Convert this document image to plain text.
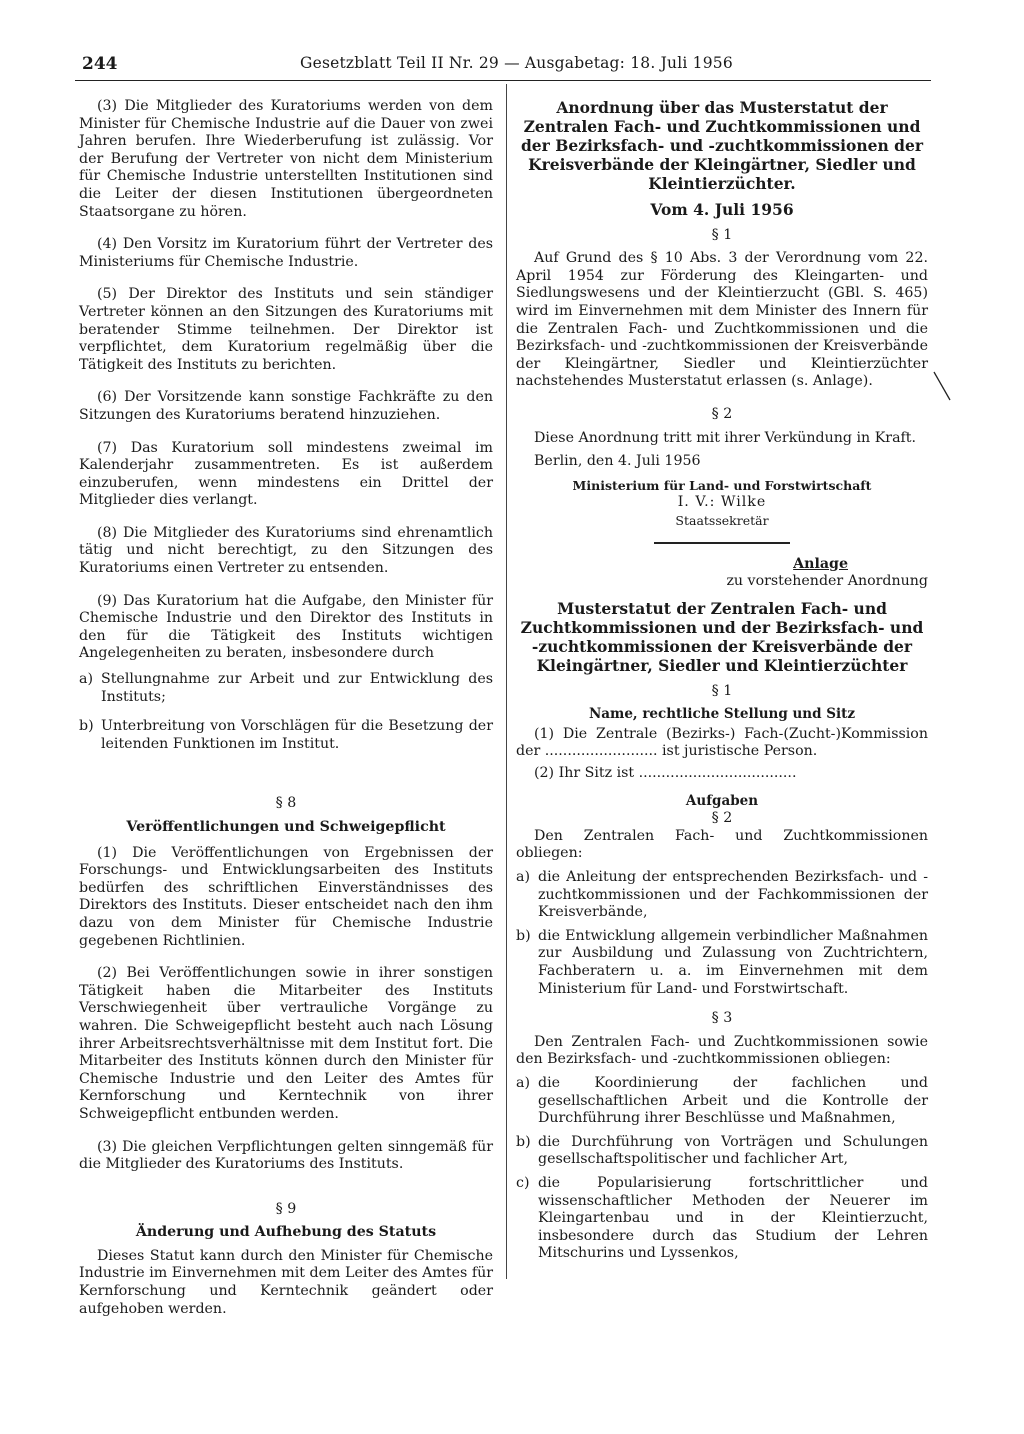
244	Gesetzblatt Teil II Nr. 29 — Ausgabetag: 18. Juli 1956

(3) Die Mitglieder des Kuratoriums werden von dem Minister für Chemische Industrie auf die Dauer von zwei Jahren berufen. Ihre Wiederberufung ist zulässig. Vor der Berufung der Vertreter von nicht dem Ministerium für Chemische Industrie unterstellten Institutionen sind die Leiter der diesen Institutionen übergeordneten Staatsorgane zu hören.

(4) Den Vorsitz im Kuratorium führt der Vertreter des Ministeriums für Chemische Industrie.

(5) Der Direktor des Instituts und sein ständiger Vertreter können an den Sitzungen des Kuratoriums mit beratender Stimme teilnehmen. Der Direktor ist verpflichtet, dem Kuratorium regelmäßig über die Tätigkeit des Instituts zu berichten.

(6) Der Vorsitzende kann sonstige Fachkräfte zu den Sitzungen des Kuratoriums beratend hinzuziehen.

(7) Das Kuratorium soll mindestens zweimal im Kalenderjahr zusammentreten. Es ist außerdem einzuberufen, wenn mindestens ein Drittel der Mitglieder dies verlangt.

(8) Die Mitglieder des Kuratoriums sind ehrenamtlich tätig und nicht berechtigt, zu den Sitzungen des Kuratoriums einen Vertreter zu entsenden.

(9) Das Kuratorium hat die Aufgabe, den Minister für Chemische Industrie und den Direktor des Instituts in den für die Tätigkeit des Instituts wichtigen Angelegenheiten zu beraten, insbesondere durch

a) Stellungnahme zur Arbeit und zur Entwicklung des Instituts;
b) Unterbreitung von Vorschlägen für die Besetzung der leitenden Funktionen im Institut.
§ 8
Veröffentlichungen und Schweigepflicht

(1) Die Veröffentlichungen von Ergebnissen der Forschungs- und Entwicklungsarbeiten des Instituts bedürfen des schriftlichen Einverständnisses des Direktors des Instituts. Dieser entscheidet nach den ihm dazu von dem Minister für Chemische Industrie gegebenen Richtlinien.

(2) Bei Veröffentlichungen sowie in ihrer sonstigen Tätigkeit haben die Mitarbeiter des Instituts Verschwiegenheit über vertrauliche Vorgänge zu wahren. Die Schweigepflicht besteht auch nach Lösung ihrer Arbeitsrechtsverhältnisse mit dem Institut fort. Die Mitarbeiter des Instituts können durch den Minister für Chemische Industrie und den Leiter des Amtes für Kernforschung und Kerntechnik von ihrer Schweigepflicht entbunden werden.

(3) Die gleichen Verpflichtungen gelten sinngemäß für die Mitglieder des Kuratoriums des Instituts.

§ 9
Änderung und Aufhebung des Statuts

Dieses Statut kann durch den Minister für Chemische Industrie im Einvernehmen mit dem Leiter des Amtes für Kernforschung und Kerntechnik geändert oder aufgehoben werden.

Anordnung über das Musterstatut der Zentralen Fach- und Zuchtkommissionen und der Bezirksfach- und -zuchtkommissionen der Kreisverbände der Kleingärtner, Siedler und Kleintierzüchter.
Vom 4. Juli 1956
§ 1

Auf Grund des § 10 Abs. 3 der Verordnung vom 22. April 1954 zur Förderung des Kleingarten- und Siedlungswesens und der Kleintierzucht (GBl. S. 465) wird im Einvernehmen mit dem Minister des Innern für die Zentralen Fach- und Zuchtkommissionen und die Bezirksfach- und -zuchtkommissionen der Kreisverbände der Kleingärtner, Siedler und Kleintierzüchter nachstehendes Musterstatut erlassen (s. Anlage).

§ 2

Diese Anordnung tritt mit ihrer Verkündung in Kraft.

Berlin, den 4. Juli 1956

Ministerium für Land- und Forstwirtschaft
I. V.: Wilke
Staatssekretär
Anlage
zu vorstehender Anordnung
Musterstatut der Zentralen Fach- und Zuchtkommissionen und der Bezirksfach- und -zuchtkommissionen der Kreisverbände der Kleingärtner, Siedler und Kleintierzüchter
§ 1
Name, rechtliche Stellung und Sitz

(1) Die Zentrale (Bezirks-) Fach-(Zucht-)Kommission der ......................... ist juristische Person.

(2) Ihr Sitz ist ...................................

Aufgaben
§ 2

Den Zentralen Fach- und Zuchtkommissionen obliegen:

a) die Anleitung der entsprechenden Bezirksfach- und -zuchtkommissionen und der Fachkommissionen der Kreisverbände,
b) die Entwicklung allgemein verbindlicher Maßnahmen zur Ausbildung und Zulassung von Zuchtrichtern, Fachberatern u. a. im Einvernehmen mit dem Ministerium für Land- und Forstwirtschaft.
§ 3

Den Zentralen Fach- und Zuchtkommissionen sowie den Bezirksfach- und -zuchtkommissionen obliegen:

a) die Koordinierung der fachlichen und gesellschaftlichen Arbeit und die Kontrolle der Durchführung ihrer Beschlüsse und Maßnahmen,
b) die Durchführung von Vorträgen und Schulungen gesellschaftspolitischer und fachlicher Art,
c) die Popularisierung fortschrittlicher und wissenschaftlicher Methoden der Neuerer im Kleingartenbau und in der Kleintierzucht, insbesondere durch das Studium der Lehren Mitschurins und Lyssenkos,
